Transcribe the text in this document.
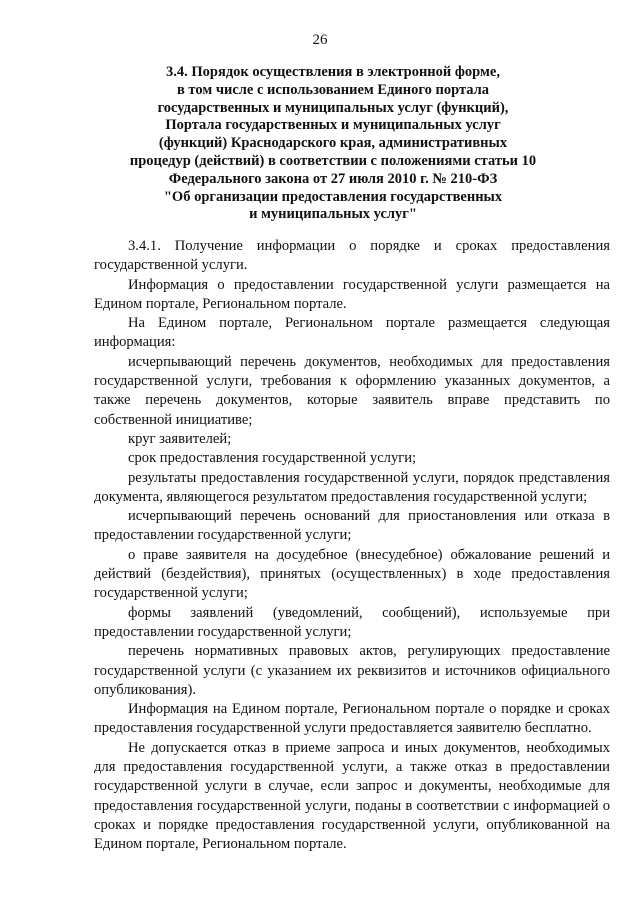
26
3.4. Порядок осуществления в электронной форме,
в том числе с использованием Единого портала
государственных и муниципальных услуг (функций),
Портала государственных и муниципальных услуг
(функций) Краснодарского края, административных
процедур (действий) в соответствии с положениями статьи 10
Федерального закона от 27 июля 2010 г. № 210-ФЗ
"Об организации предоставления государственных
и муниципальных услуг"

3.4.1. Получение информации о порядке и сроках предоставления государственной услуги.

Информация о предоставлении государственной услуги размещается на Едином портале, Региональном портале.

На Едином портале, Региональном портале размещается следующая информация:

исчерпывающий перечень документов, необходимых для предоставления государственной услуги, требования к оформлению указанных документов, а также перечень документов, которые заявитель вправе представить по собственной инициативе;

круг заявителей;

срок предоставления государственной услуги;

результаты предоставления государственной услуги, порядок представления документа, являющегося результатом предоставления государственной услуги;

исчерпывающий перечень оснований для приостановления или отказа в предоставлении государственной услуги;

о праве заявителя на досудебное (внесудебное) обжалование решений и действий (бездействия), принятых (осуществленных) в ходе предоставления государственной услуги;

формы заявлений (уведомлений, сообщений), используемые при предоставлении государственной услуги;

перечень нормативных правовых актов, регулирующих предоставление государственной услуги (с указанием их реквизитов и источников официального опубликования).

Информация на Едином портале, Региональном портале о порядке и сроках предоставления государственной услуги предоставляется заявителю бесплатно.

Не допускается отказ в приеме запроса и иных документов, необходимых для предоставления государственной услуги, а также отказ в предоставлении государственной услуги в случае, если запрос и документы, необходимые для предоставления государственной услуги, поданы в соответствии с информацией о сроках и порядке предоставления государственной услуги, опубликованной на Едином портале, Региональном портале.
